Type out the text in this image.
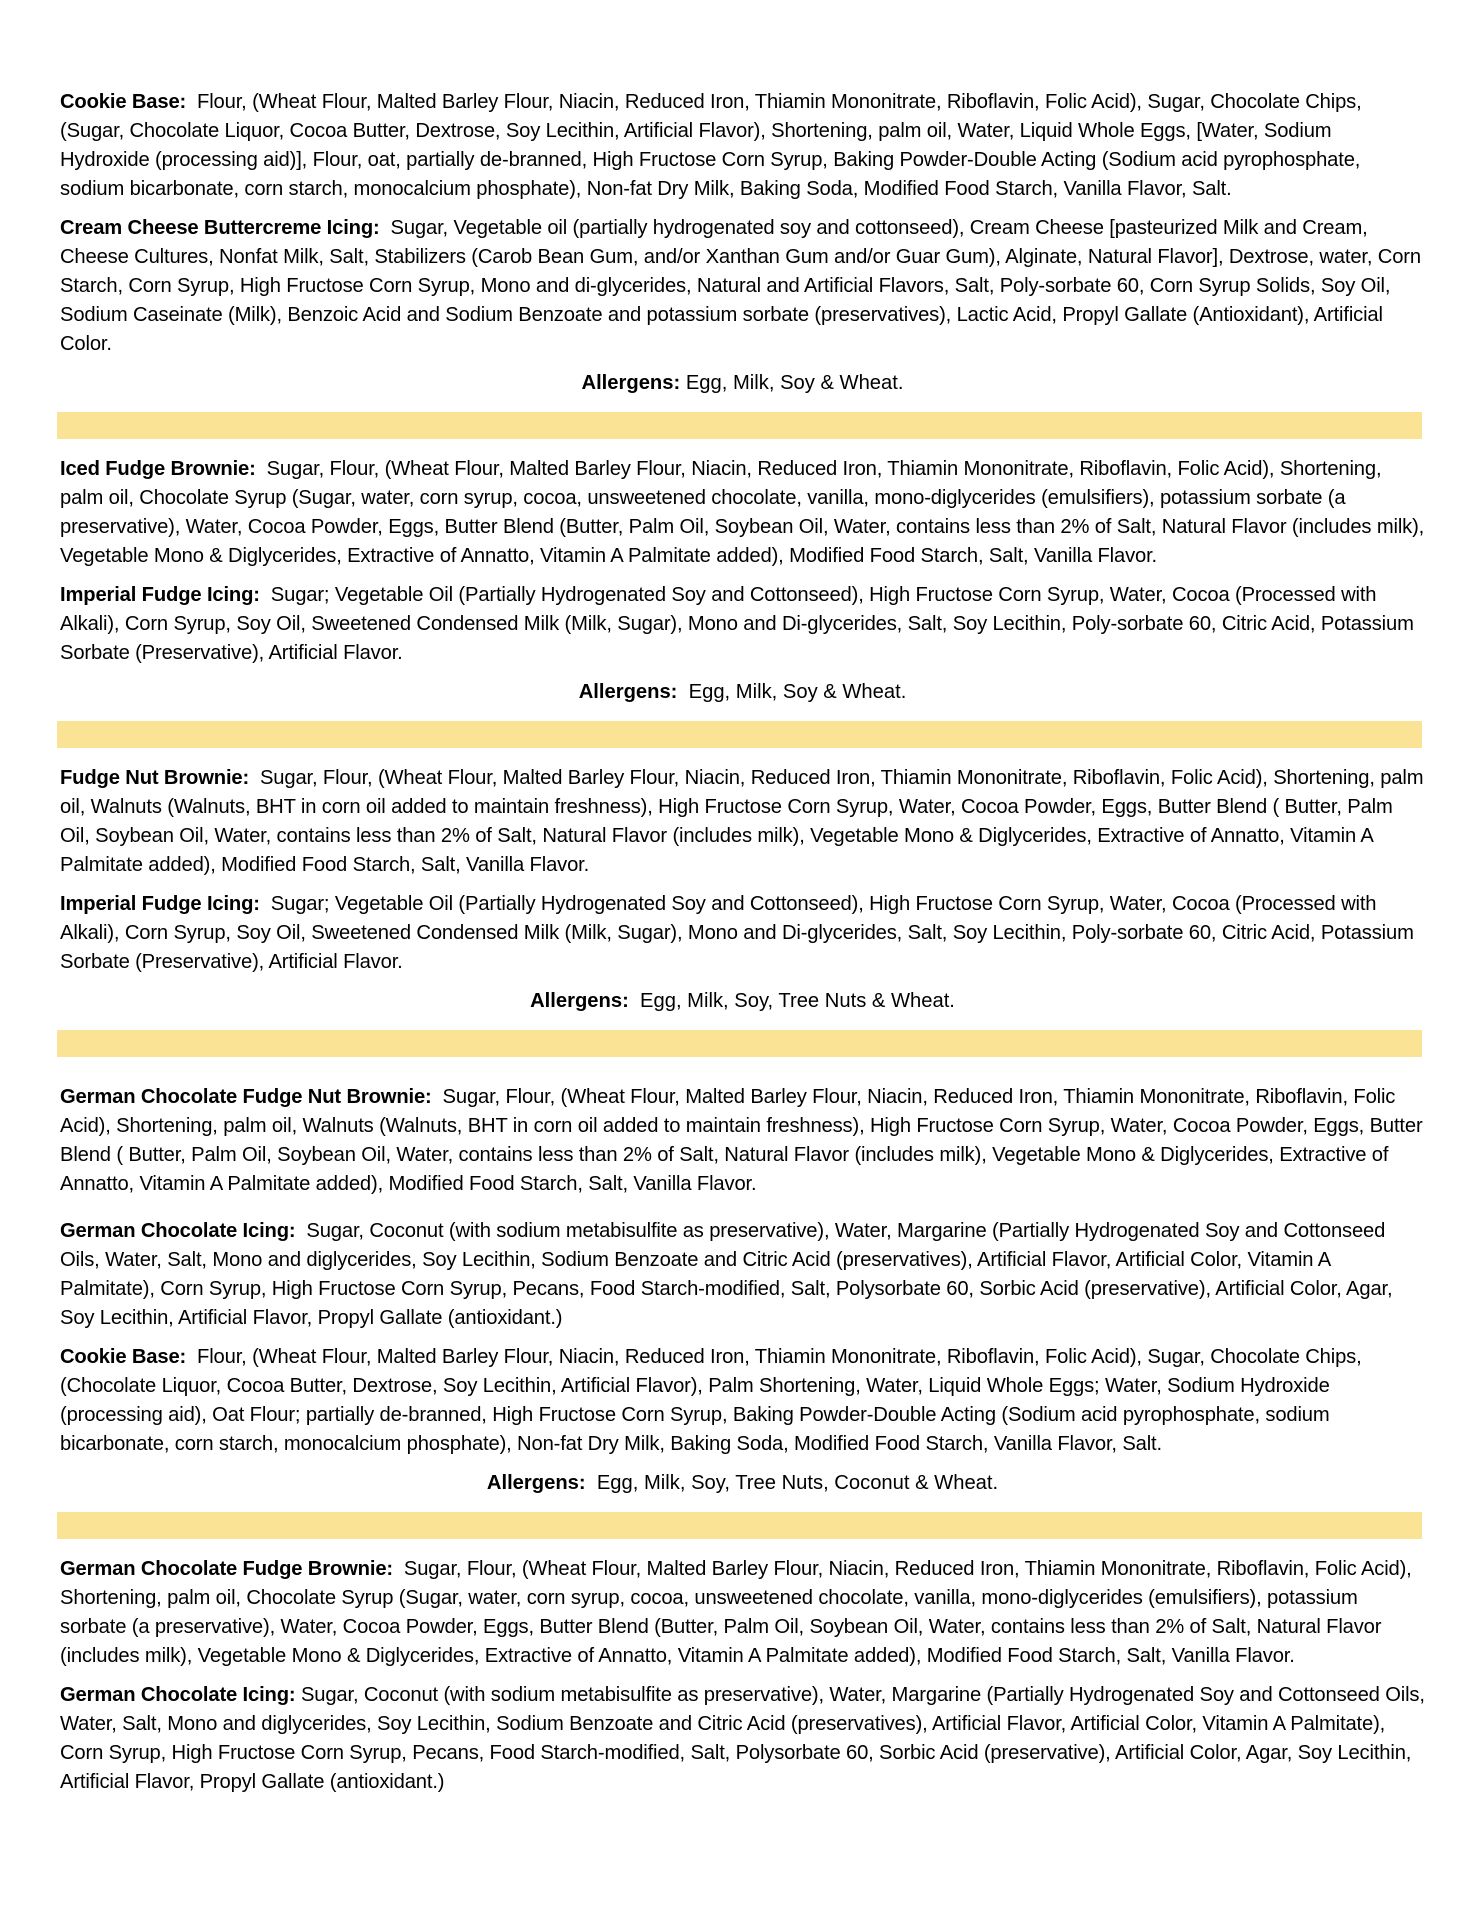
Cookie Base: Flour, (Wheat Flour, Malted Barley Flour, Niacin, Reduced Iron, Thiamin Mononitrate, Riboflavin, Folic Acid), Sugar, Chocolate Chips, (Sugar, Chocolate Liquor, Cocoa Butter, Dextrose, Soy Lecithin, Artificial Flavor), Shortening, palm oil, Water, Liquid Whole Eggs, [Water, Sodium Hydroxide (processing aid)], Flour, oat, partially de-branned, High Fructose Corn Syrup, Baking Powder-Double Acting (Sodium acid pyrophosphate, sodium bicarbonate, corn starch, monocalcium phosphate), Non-fat Dry Milk, Baking Soda, Modified Food Starch, Vanilla Flavor, Salt.

Cream Cheese Buttercreme Icing: Sugar, Vegetable oil (partially hydrogenated soy and cottonseed), Cream Cheese [pasteurized Milk and Cream, Cheese Cultures, Nonfat Milk, Salt, Stabilizers (Carob Bean Gum, and/or Xanthan Gum and/or Guar Gum), Alginate, Natural Flavor], Dextrose, water, Corn Starch, Corn Syrup, High Fructose Corn Syrup, Mono and di-glycerides, Natural and Artificial Flavors, Salt, Poly-sorbate 60, Corn Syrup Solids, Soy Oil, Sodium Caseinate (Milk), Benzoic Acid and Sodium Benzoate and potassium sorbate (preservatives), Lactic Acid, Propyl Gallate (Antioxidant), Artificial Color.

Allergens: Egg, Milk, Soy & Wheat.

Iced Fudge Brownie: Sugar, Flour, (Wheat Flour, Malted Barley Flour, Niacin, Reduced Iron, Thiamin Mononitrate, Riboflavin, Folic Acid), Shortening, palm oil, Chocolate Syrup (Sugar, water, corn syrup, cocoa, unsweetened chocolate, vanilla, mono-diglycerides (emulsifiers), potassium sorbate (a preservative), Water, Cocoa Powder, Eggs, Butter Blend (Butter, Palm Oil, Soybean Oil, Water, contains less than 2% of Salt, Natural Flavor (includes milk), Vegetable Mono & Diglycerides, Extractive of Annatto, Vitamin A Palmitate added), Modified Food Starch, Salt, Vanilla Flavor.

Imperial Fudge Icing: Sugar; Vegetable Oil (Partially Hydrogenated Soy and Cottonseed), High Fructose Corn Syrup, Water, Cocoa (Processed with Alkali), Corn Syrup, Soy Oil, Sweetened Condensed Milk (Milk, Sugar), Mono and Di-glycerides, Salt, Soy Lecithin, Poly-sorbate 60, Citric Acid, Potassium Sorbate (Preservative), Artificial Flavor.

Allergens: Egg, Milk, Soy & Wheat.

Fudge Nut Brownie: Sugar, Flour, (Wheat Flour, Malted Barley Flour, Niacin, Reduced Iron, Thiamin Mononitrate, Riboflavin, Folic Acid), Shortening, palm oil, Walnuts (Walnuts, BHT in corn oil added to maintain freshness), High Fructose Corn Syrup, Water, Cocoa Powder, Eggs, Butter Blend ( Butter, Palm Oil, Soybean Oil, Water, contains less than 2% of Salt, Natural Flavor (includes milk), Vegetable Mono & Diglycerides, Extractive of Annatto, Vitamin A Palmitate added), Modified Food Starch, Salt, Vanilla Flavor.

Imperial Fudge Icing: Sugar; Vegetable Oil (Partially Hydrogenated Soy and Cottonseed), High Fructose Corn Syrup, Water, Cocoa (Processed with Alkali), Corn Syrup, Soy Oil, Sweetened Condensed Milk (Milk, Sugar), Mono and Di-glycerides, Salt, Soy Lecithin, Poly-sorbate 60, Citric Acid, Potassium Sorbate (Preservative), Artificial Flavor.

Allergens: Egg, Milk, Soy, Tree Nuts & Wheat.

German Chocolate Fudge Nut Brownie: Sugar, Flour, (Wheat Flour, Malted Barley Flour, Niacin, Reduced Iron, Thiamin Mononitrate, Riboflavin, Folic Acid), Shortening, palm oil, Walnuts (Walnuts, BHT in corn oil added to maintain freshness), High Fructose Corn Syrup, Water, Cocoa Powder, Eggs, Butter Blend ( Butter, Palm Oil, Soybean Oil, Water, contains less than 2% of Salt, Natural Flavor (includes milk), Vegetable Mono & Diglycerides, Extractive of Annatto, Vitamin A Palmitate added), Modified Food Starch, Salt, Vanilla Flavor.

German Chocolate Icing: Sugar, Coconut (with sodium metabisulfite as preservative), Water, Margarine (Partially Hydrogenated Soy and Cottonseed Oils, Water, Salt, Mono and diglycerides, Soy Lecithin, Sodium Benzoate and Citric Acid (preservatives), Artificial Flavor, Artificial Color, Vitamin A Palmitate), Corn Syrup, High Fructose Corn Syrup, Pecans, Food Starch-modified, Salt, Polysorbate 60, Sorbic Acid (preservative), Artificial Color, Agar, Soy Lecithin, Artificial Flavor, Propyl Gallate (antioxidant.)

Cookie Base: Flour, (Wheat Flour, Malted Barley Flour, Niacin, Reduced Iron, Thiamin Mononitrate, Riboflavin, Folic Acid), Sugar, Chocolate Chips, (Chocolate Liquor, Cocoa Butter, Dextrose, Soy Lecithin, Artificial Flavor), Palm Shortening, Water, Liquid Whole Eggs; Water, Sodium Hydroxide (processing aid), Oat Flour; partially de-branned, High Fructose Corn Syrup, Baking Powder-Double Acting (Sodium acid pyrophosphate, sodium bicarbonate, corn starch, monocalcium phosphate), Non-fat Dry Milk, Baking Soda, Modified Food Starch, Vanilla Flavor, Salt.

Allergens: Egg, Milk, Soy, Tree Nuts, Coconut & Wheat.

German Chocolate Fudge Brownie: Sugar, Flour, (Wheat Flour, Malted Barley Flour, Niacin, Reduced Iron, Thiamin Mononitrate, Riboflavin, Folic Acid), Shortening, palm oil, Chocolate Syrup (Sugar, water, corn syrup, cocoa, unsweetened chocolate, vanilla, mono-diglycerides (emulsifiers), potassium sorbate (a preservative), Water, Cocoa Powder, Eggs, Butter Blend (Butter, Palm Oil, Soybean Oil, Water, contains less than 2% of Salt, Natural Flavor (includes milk), Vegetable Mono & Diglycerides, Extractive of Annatto, Vitamin A Palmitate added), Modified Food Starch, Salt, Vanilla Flavor.

German Chocolate Icing: Sugar, Coconut (with sodium metabisulfite as preservative), Water, Margarine (Partially Hydrogenated Soy and Cottonseed Oils, Water, Salt, Mono and diglycerides, Soy Lecithin, Sodium Benzoate and Citric Acid (preservatives), Artificial Flavor, Artificial Color, Vitamin A Palmitate), Corn Syrup, High Fructose Corn Syrup, Pecans, Food Starch-modified, Salt, Polysorbate 60, Sorbic Acid (preservative), Artificial Color, Agar, Soy Lecithin, Artificial Flavor, Propyl Gallate (antioxidant.)
